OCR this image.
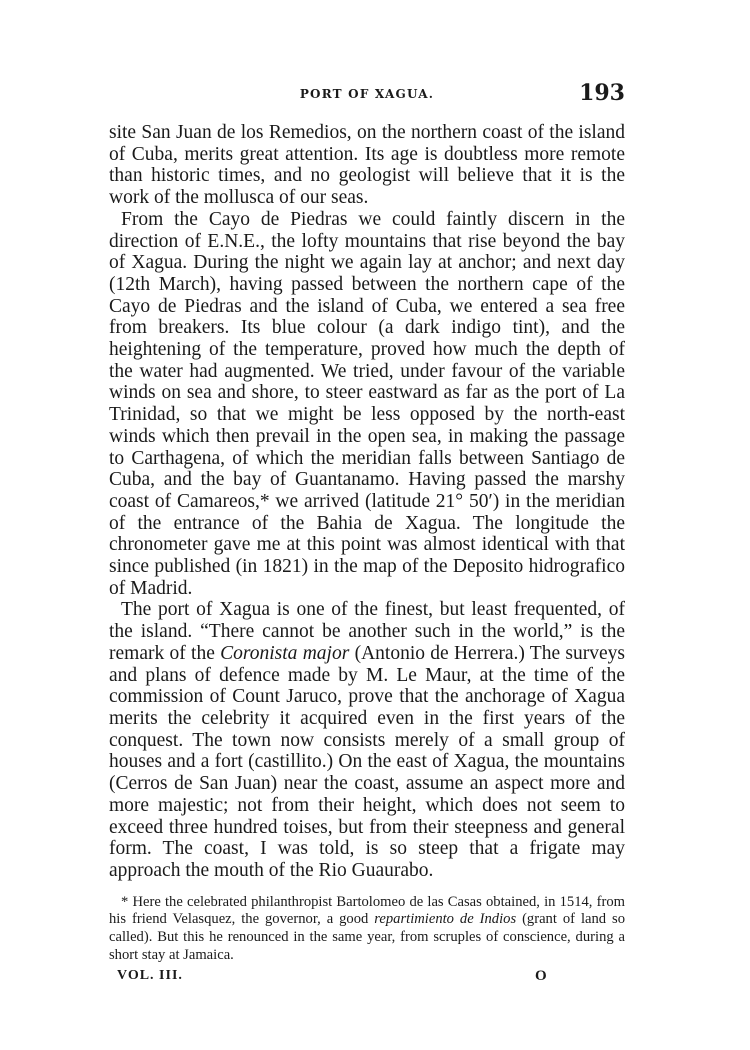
PORT OF XAGUA.	193

site San Juan de los Remedios, on the northern coast of the island of Cuba, merits great attention. Its age is doubtless more remote than historic times, and no geologist will believe that it is the work of the mollusca of our seas.

From the Cayo de Piedras we could faintly discern in the direction of E.N.E., the lofty mountains that rise beyond the bay of Xagua. During the night we again lay at anchor; and next day (12th March), having passed between the northern cape of the Cayo de Piedras and the island of Cuba, we entered a sea free from breakers. Its blue colour (a dark indigo tint), and the heightening of the temperature, proved how much the depth of the water had augmented. We tried, under favour of the variable winds on sea and shore, to steer eastward as far as the port of La Trinidad, so that we might be less opposed by the north-east winds which then prevail in the open sea, in making the passage to Carthagena, of which the meridian falls between Santiago de Cuba, and the bay of Guantanamo. Having passed the marshy coast of Camareos,* we arrived (latitude 21° 50′) in the meridian of the entrance of the Bahia de Xagua. The longitude the chronometer gave me at this point was almost identical with that since published (in 1821) in the map of the Deposito hidrografico of Madrid.

The port of Xagua is one of the finest, but least frequented, of the island. “There cannot be another such in the world,” is the remark of the Coronista major (Antonio de Herrera.) The surveys and plans of defence made by M. Le Maur, at the time of the commission of Count Jaruco, prove that the anchorage of Xagua merits the celebrity it acquired even in the first years of the conquest. The town now consists merely of a small group of houses and a fort (castillito.) On the east of Xagua, the mountains (Cerros de San Juan) near the coast, assume an aspect more and more majestic; not from their height, which does not seem to exceed three hundred toises, but from their steepness and general form. The coast, I was told, is so steep that a frigate may approach the mouth of the Rio Guaurabo.

* Here the celebrated philanthropist Bartolomeo de las Casas obtained, in 1514, from his friend Velasquez, the governor, a good repartimiento de Indios (grant of land so called). But this he renounced in the same year, from scruples of conscience, during a short stay at Jamaica.
VOL. III.	O
